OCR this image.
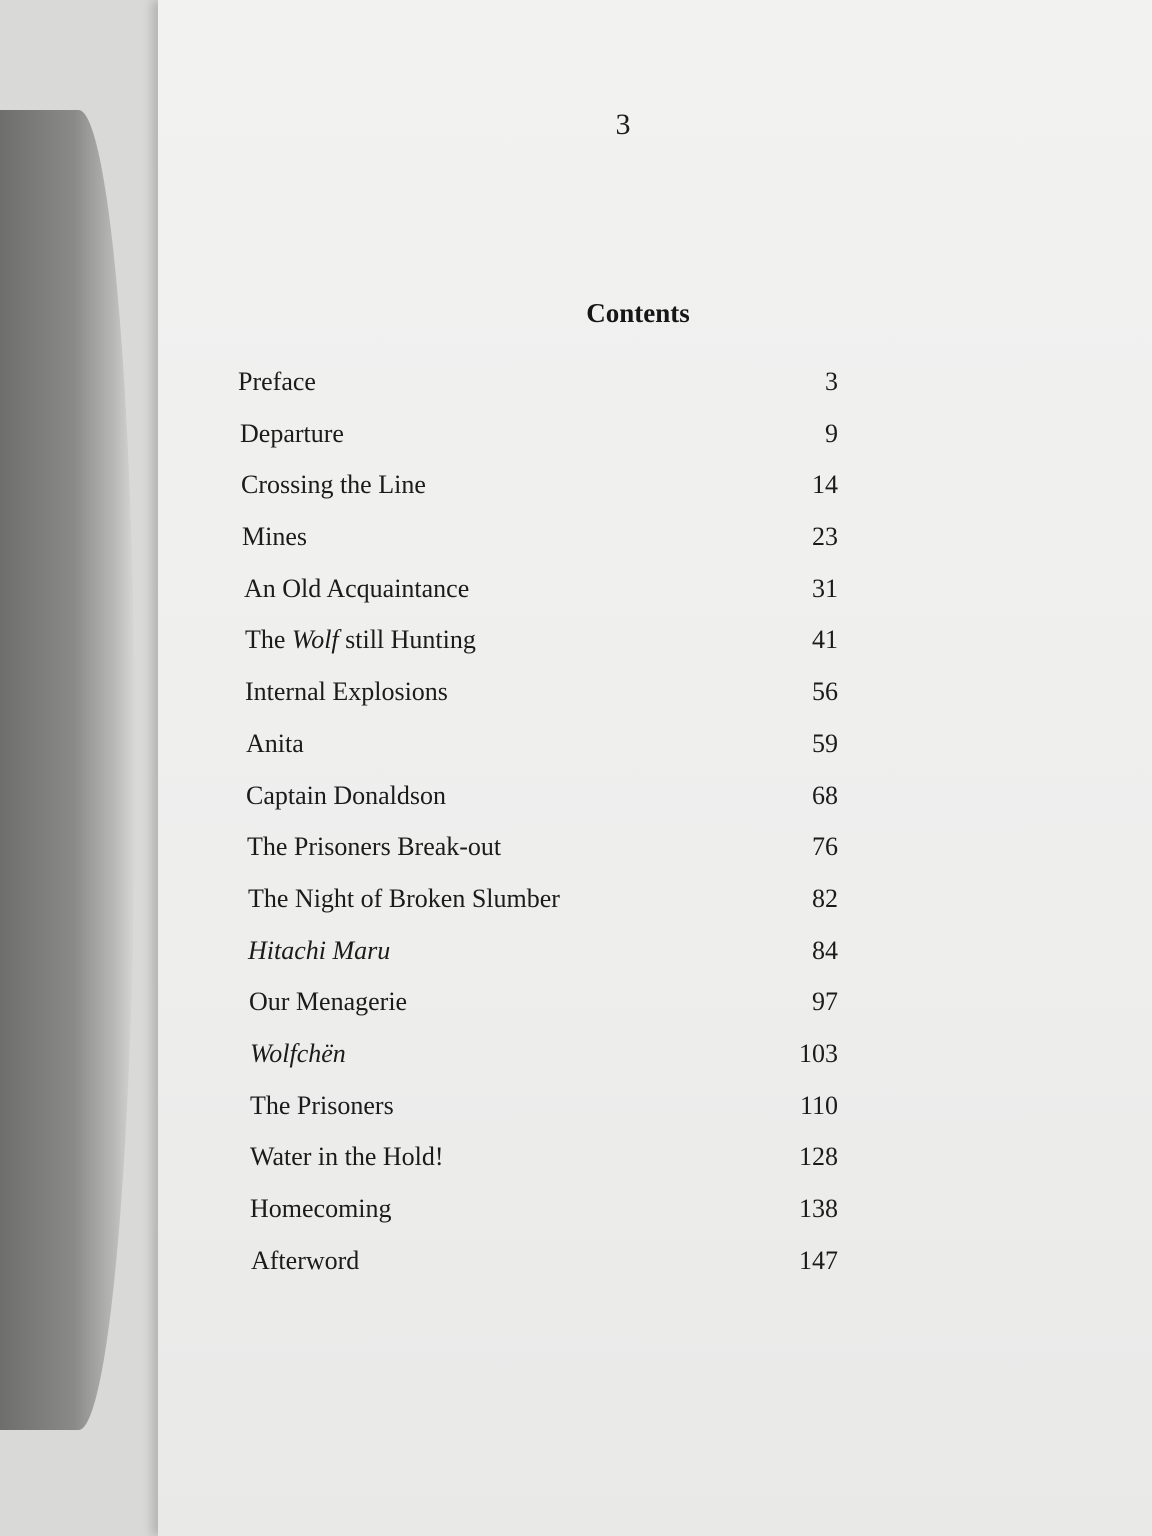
3
Contents
Preface	3
Departure	9
Crossing the Line	14
Mines	23
An Old Acquaintance	31
The Wolf still Hunting	41
Internal Explosions	56
Anita	59
Captain Donaldson	68
The Prisoners Break-out	76
The Night of Broken Slumber	82
Hitachi Maru	84
Our Menagerie	97
Wolfchën	103
The Prisoners	110
Water in the Hold!	128
Homecoming	138
Afterword	147
